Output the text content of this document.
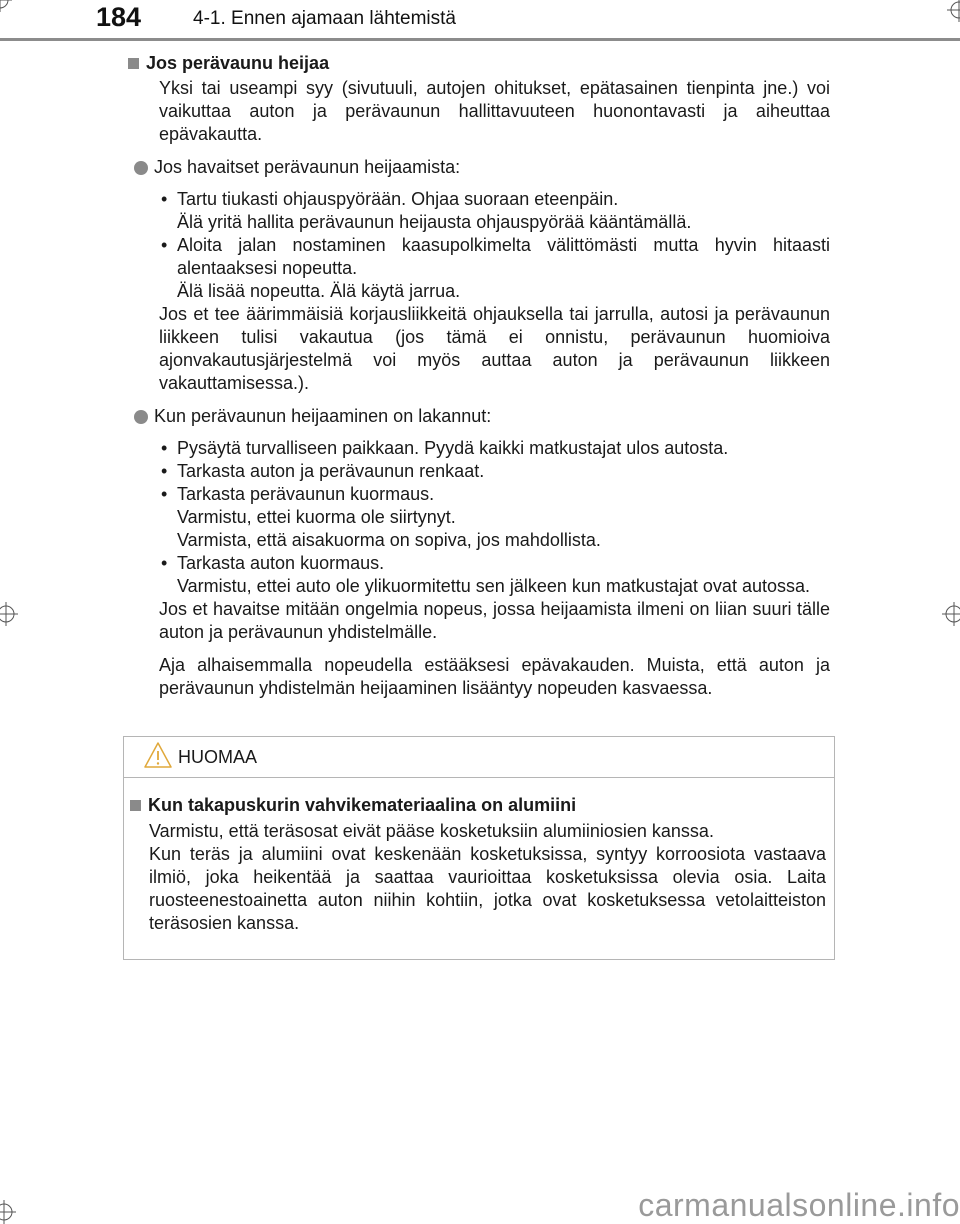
184	4-1. Ennen ajamaan lähtemistä
Jos perävaunu heijaa

Yksi tai useampi syy (sivutuuli, autojen ohitukset, epätasainen tienpinta jne.) voi vaikuttaa auton ja perävaunun hallittavuuteen huonontavasti ja aiheuttaa epävakautta.

Jos havaitset perävaunun heijaamista:
• Tartu tiukasti ohjauspyörään. Ohjaa suoraan eteenpäin.
Älä yritä hallita perävaunun heijausta ohjauspyörää kääntämällä.
• Aloita jalan nostaminen kaasupolkimelta välittömästi mutta hyvin hitaasti alentaaksesi nopeutta.
Älä lisää nopeutta. Älä käytä jarrua.

Jos et tee äärimmäisiä korjausliikkeitä ohjauksella tai jarrulla, autosi ja perävaunun liikkeen tulisi vakautua (jos tämä ei onnistu, perävaunun huomioiva ajonvakautusjärjestelmä voi myös auttaa auton ja perävaunun liikkeen vakauttamisessa.).

Kun perävaunun heijaaminen on lakannut:
• Pysäytä turvalliseen paikkaan. Pyydä kaikki matkustajat ulos autosta.
• Tarkasta auton ja perävaunun renkaat.
• Tarkasta perävaunun kuormaus.
Varmistu, ettei kuorma ole siirtynyt.
Varmista, että aisakuorma on sopiva, jos mahdollista.
• Tarkasta auton kuormaus.
Varmistu, ettei auto ole ylikuormitettu sen jälkeen kun matkustajat ovat autossa.

Jos et havaitse mitään ongelmia nopeus, jossa heijaamista ilmeni on liian suuri tälle auton ja perävaunun yhdistelmälle.

Aja alhaisemmalla nopeudella estääksesi epävakauden. Muista, että auton ja perävaunun yhdistelmän heijaaminen lisääntyy nopeuden kasvaessa.

HUOMAA
Kun takapuskurin vahvikemateriaalina on alumiini

Varmistu, että teräsosat eivät pääse kosketuksiin alumiiniosien kanssa.

Kun teräs ja alumiini ovat keskenään kosketuksissa, syntyy korroosiota vastaava ilmiö, joka heikentää ja saattaa vaurioittaa kosketuksissa olevia osia. Laita ruosteenestoainetta auton niihin kohtiin, jotka ovat kosketuksessa vetolaitteiston teräsosien kanssa.

carmanualsonline.info
